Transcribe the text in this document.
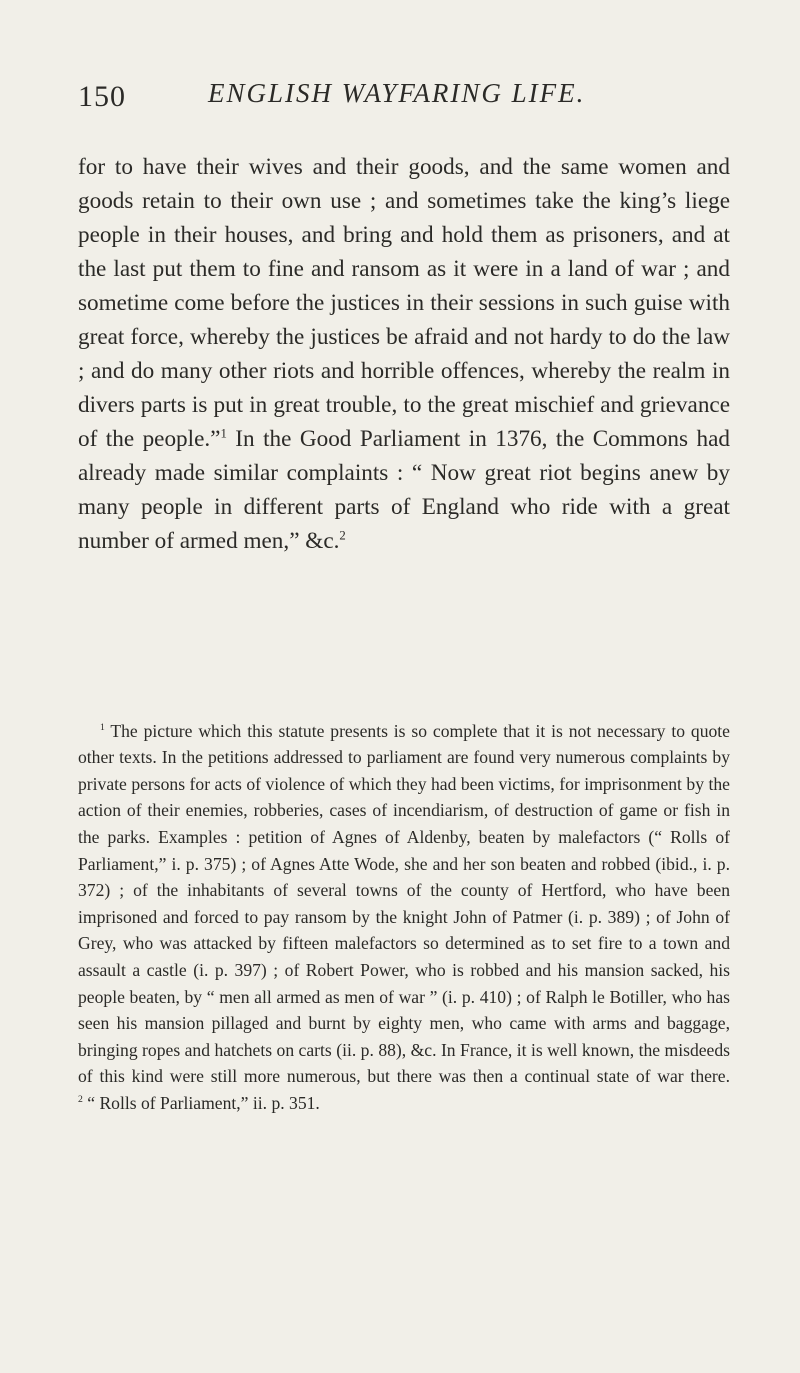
150	ENGLISH WAYFARING LIFE.

for to have their wives and their goods, and the same women and goods retain to their own use ; and sometimes take the king’s liege people in their houses, and bring and hold them as prisoners, and at the last put them to fine and ransom as it were in a land of war ; and sometime come before the justices in their sessions in such guise with great force, whereby the justices be afraid and not hardy to do the law ; and do many other riots and horrible offences, whereby the realm in divers parts is put in great trouble, to the great mischief and grievance of the people.”$^1$ In the Good Parliament in 1376, the Commons had already made similar complaints : “ Now great riot begins anew by many people in different parts of England who ride with a great number of armed men,” &c.$^2$

$^1$ The picture which this statute presents is so complete that it is not necessary to quote other texts. In the petitions addressed to parliament are found very numerous complaints by private persons for acts of violence of which they had been victims, for imprisonment by the action of their enemies, robberies, cases of incendiarism, of destruction of game or fish in the parks. Examples : petition of Agnes of Aldenby, beaten by malefactors (“ Rolls of Parliament,” i. p. 375) ; of Agnes Atte Wode, she and her son beaten and robbed (ibid., i. p. 372) ; of the inhabitants of several towns of the county of Hertford, who have been imprisoned and forced to pay ransom by the knight John of Patmer (i. p. 389) ; of John of Grey, who was attacked by fifteen malefactors so determined as to set fire to a town and assault a castle (i. p. 397) ; of Robert Power, who is robbed and his mansion sacked, his people beaten, by “ men all armed as men of war ” (i. p. 410) ; of Ralph le Botiller, who has seen his mansion pillaged and burnt by eighty men, who came with arms and baggage, bringing ropes and hatchets on carts (ii. p. 88), &c. In France, it is well known, the misdeeds of this kind were still more numerous, but there was then a continual state of war there. $^2$ “ Rolls of Parliament,” ii. p. 351.
